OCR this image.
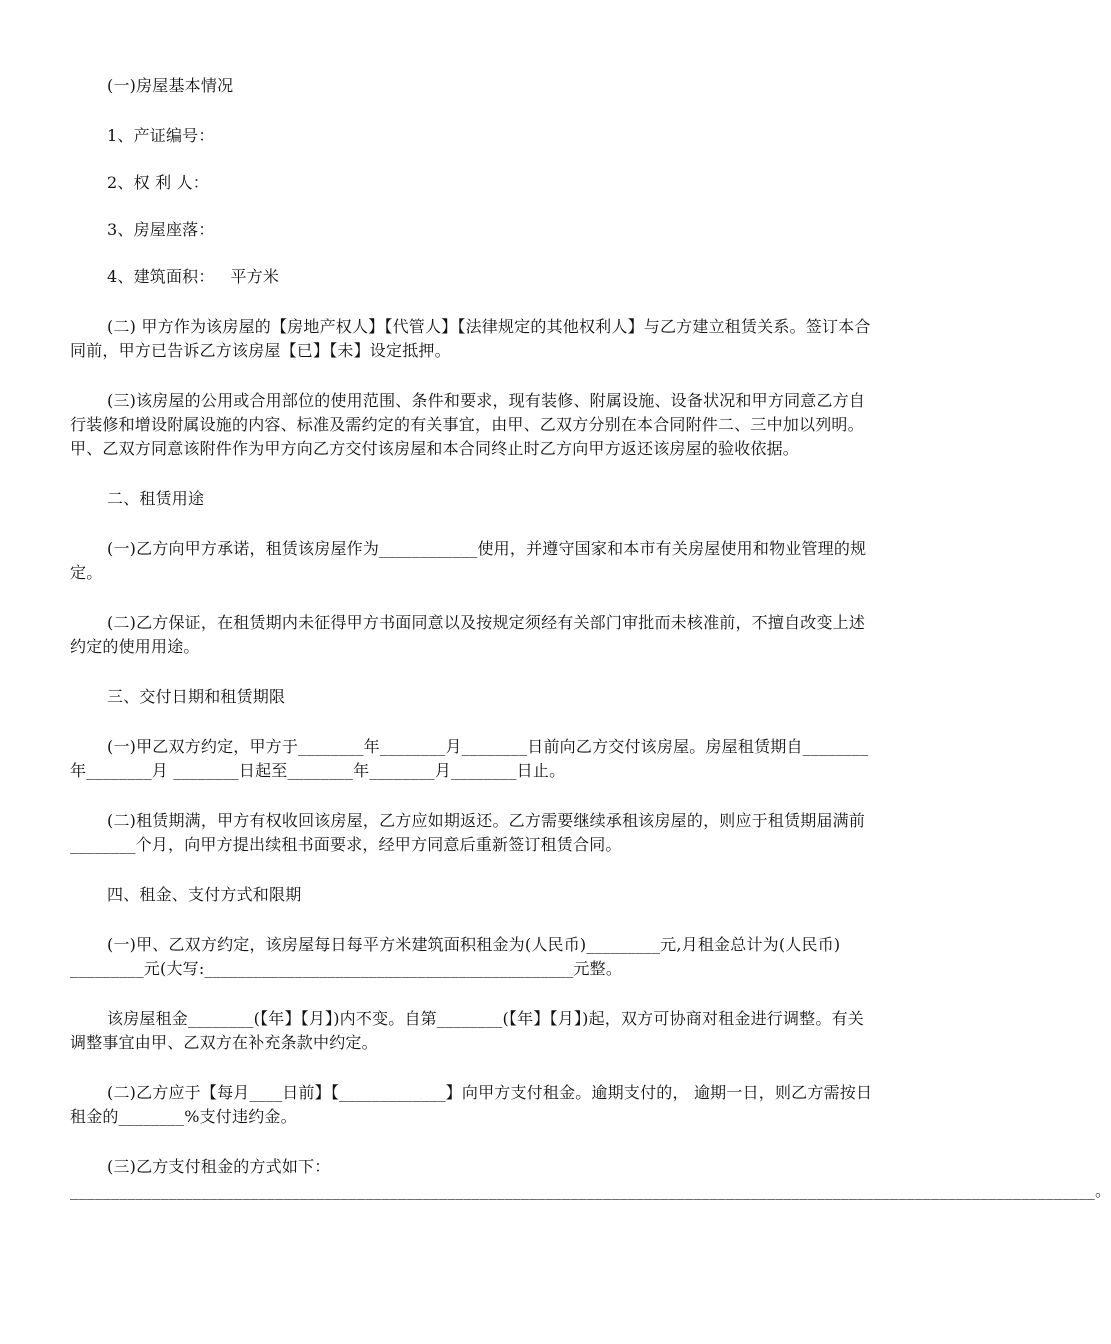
(一)房屋基本情况

1、产证编号：

2、权 利 人：

3、房屋座落：

4、建筑面积：   平方米

(二) 甲方作为该房屋的【房地产权人】【代管人】【法律规定的其他权利人】与乙方建立租赁关系。签订本合同前，甲方已告诉乙方该房屋【已】【未】设定抵押。

(三)该房屋的公用或合用部位的使用范围、条件和要求，现有装修、附属设施、设备状况和甲方同意乙方自行装修和增设附属设施的内容、标准及需约定的有关事宜，由甲、乙双方分别在本合同附件二、三中加以列明。甲、乙双方同意该附件作为甲方向乙方交付该房屋和本合同终止时乙方向甲方返还该房屋的验收依据。

二、租赁用途

(一)乙方向甲方承诺，租赁该房屋作为____________使用，并遵守国家和本市有关房屋使用和物业管理的规定。

(二)乙方保证，在租赁期内未征得甲方书面同意以及按规定须经有关部门审批而未核准前，不擅自改变上述约定的使用用途。

三、交付日期和租赁期限

(一)甲乙双方约定，甲方于________年________月________日前向乙方交付该房屋。房屋租赁期自________年________月 ________日起至________年________月________日止。

(二)租赁期满，甲方有权收回该房屋，乙方应如期返还。乙方需要继续承租该房屋的，则应于租赁期届满前________个月，向甲方提出续租书面要求，经甲方同意后重新签订租赁合同。

四、租金、支付方式和限期

(一)甲、乙双方约定，该房屋每日每平方米建筑面积租金为(人民币)_________元,月租金总计为(人民币) _________元(大写:_____________________________________________元整。

该房屋租金________(【年】【月】)内不变。自第________(【年】【月】)起，双方可协商对租金进行调整。有关调整事宜由甲、乙双方在补充条款中约定。

(二)乙方应于【每月____日前】【_____________】向甲方支付租金。逾期支付的， 逾期一日，则乙方需按日租金的________%支付违约金。

(三)乙方支付租金的方式如下：_____________________________________________________________________________________________________________________________。
